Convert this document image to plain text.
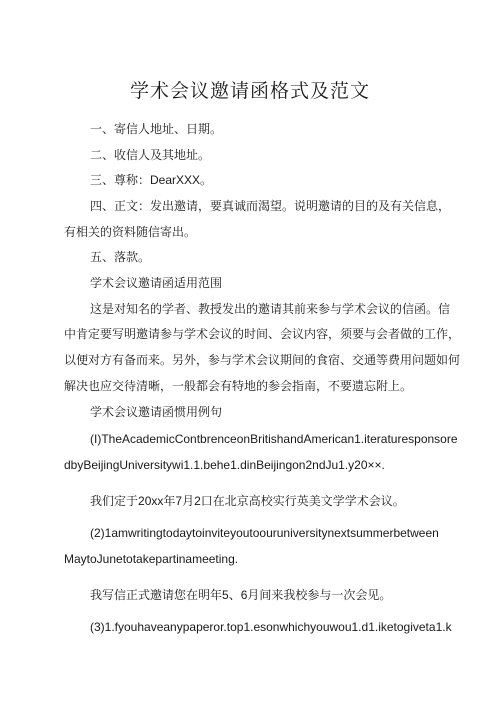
学术会议邀请函格式及范文

一、寄信人地址、日期。

二、收信人及其地址。

三、尊称：DearXXX。

四、正文：发出邀请，要真诚而渴望。说明邀请的目的及有关信息，

有相关的资料随信寄出。

五、落款。

学术会议邀请函适用范围

这是对知名的学者、教授发出的邀请其前来参与学术会议的信函。信

中肯定要写明邀请参与学术会议的时间、会议内容，须要与会者做的工作，

以便对方有备而来。另外，参与学术会议期间的食宿、交通等费用问题如何

解决也应交待清晰，一般都会有特地的参会指南，不要遗忘附上。

学术会议邀请函惯用例句

(I)TheAcademicContbrenceonBritishandAmerican1.iteratures​ponsore

dbyBeijingUniversitywi1.1.behe1.dinBeijingon2ndJu1.y20××.

我们定于20xx年7月2口在北京高校实行英美文学学术会议。

(2)1amwritingtodaytoinviteyoutoouruniversitynextsummerbetween

MaytoJunetotakepartinameeting.

我写信正式邀请您在明年5、6月间来我校参与一次会见。

(3)1.fyouhaveanypaperor.top1.esonwhichyouwou1.d1.iketogiveta1.k
